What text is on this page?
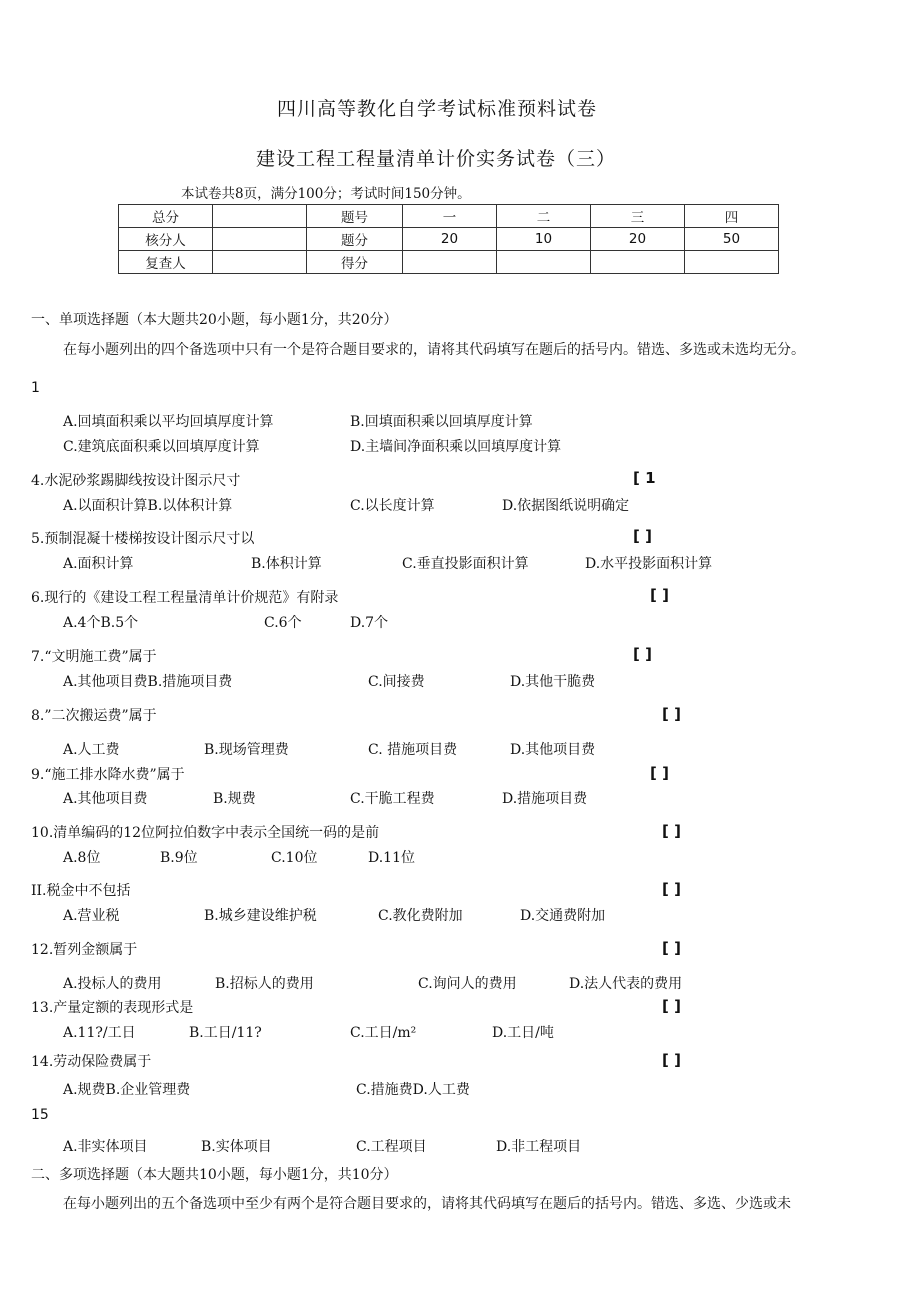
四川高等教化自学考试标准预料试卷
建设工程工程量清单计价实务试卷（三）
本试卷共8页，满分100分；考试时间150分钟。
总分		题号	一	二	三	四
核分人		题分	20	10	20	50
复查人		得分				
一、单项选择题（本大题共20小题，每小题1分，共20分）
在每小题列出的四个备选项中只有一个是符合题目要求的，请将其代码填写在题后的括号内。错选、多选或未选均无分。
1
A.回填面积乘以平均回填厚度计算	B.回填面积乘以回填厚度计算
C.建筑底面积乘以回填厚度计算	D.主墙间净面积乘以回填厚度计算
4.水泥砂浆踢脚线按设计图示尺寸	[ 1
A.以面积计算B.以体积计算	C.以长度计算	D.依据图纸说明确定
5.预制混凝十楼梯按设计图示尺寸以	[ ]
A.面积计算	B.体积计算	C.垂直投影面积计算	D.水平投影面积计算
6.现行的《建设工程工程量清单计价规范》有附录	[ ]
A.4个B.5个	C.6个	D.7个
7.“文明施工费”属于	[ ]
A.其他项目费B.措施项目费	C.间接费	D.其他干脆费
8.”二次搬运费”属于	[ ]
A.人工费	B.现场管理费	C. 措施项目费	D.其他项目费
9.“施工排水降水费”属于	[ ]
A.其他项目费	B.规费	C.干脆工程费	D.措施项目费
10.清单编码的12位阿拉伯数字中表示全国统一码的是前	[ ]
A.8位	B.9位	C.10位	D.11位
II.税金中不包括	[ ]
A.营业税	B.城乡建设维护税	C.教化费附加	D.交通费附加
12.暂列金额属于	[ ]
A.投标人的费用	B.招标人的费用	C.询问人的费用	D.法人代表的费用
13.产量定额的表现形式是	[ ]
A.11?/工日	B.工日/11?	C.工日/m²	D.工日/吨
14.劳动保险费属于	[ ]
A.规费B.企业管理费	C.措施费D.人工费
15
A.非实体项目	B.实体项目	C.工程项目	D.非工程项目
二、多项选择题（本大题共10小题，每小题1分，共10分）
在每小题列出的五个备选项中至少有两个是符合题目要求的，请将其代码填写在题后的括号内。错选、多选、少选或未
